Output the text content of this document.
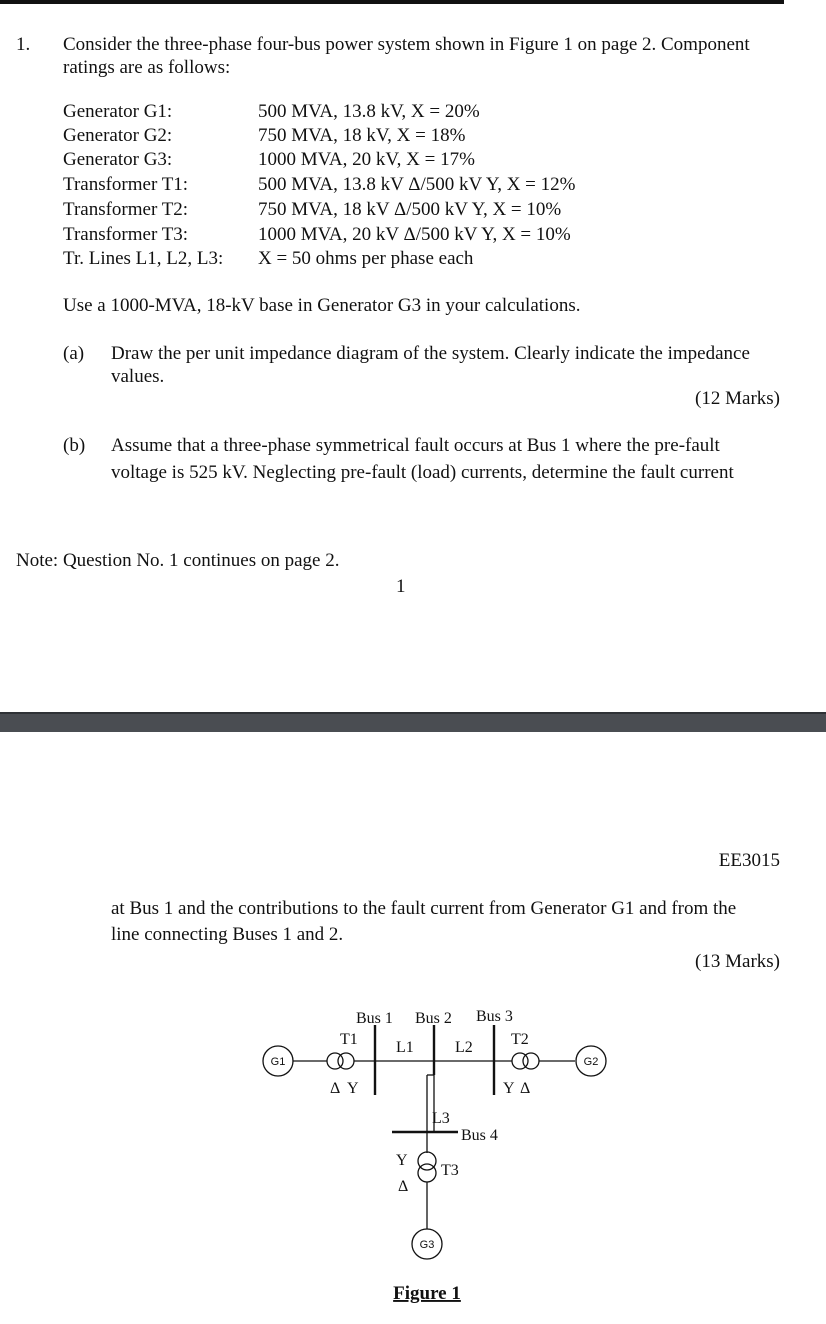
1. Consider the three-phase four-bus power system shown in Figure 1 on page 2. Component
ratings are as follows:
Generator G1:	500 MVA, 13.8 kV, X = 20%
Generator G2:	750 MVA, 18 kV, X = 18%
Generator G3:	1000 MVA, 20 kV, X = 17%
Transformer T1:	500 MVA, 13.8 kV Δ/500 kV Y, X = 12%
Transformer T2:	750 MVA, 18 kV Δ/500 kV Y, X = 10%
Transformer T3:	1000 MVA, 20 kV Δ/500 kV Y, X = 10%
Tr. Lines L1, L2, L3: X = 50 ohms per phase each
Use a 1000-MVA, 18-kV base in Generator G3 in your calculations.
(a) Draw the per unit impedance diagram of the system. Clearly indicate the impedance
values.
(12 Marks)
(b) Assume that a three-phase symmetrical fault occurs at Bus 1 where the pre-fault
voltage is 525 kV. Neglecting pre-fault (load) currents, determine the fault current
Note: Question No. 1 continues on page 2.
1
EE3015
at Bus 1 and the contributions to the fault current from Generator G1 and from the
line connecting Buses 1 and 2.
(13 Marks)
Bus 1 Bus 2 Bus 3
T1	T2
L1	L2
L3
Bus 4
T3
Δ Y	Y Δ
Y
Δ
G1	G2
G3
Figure 1
